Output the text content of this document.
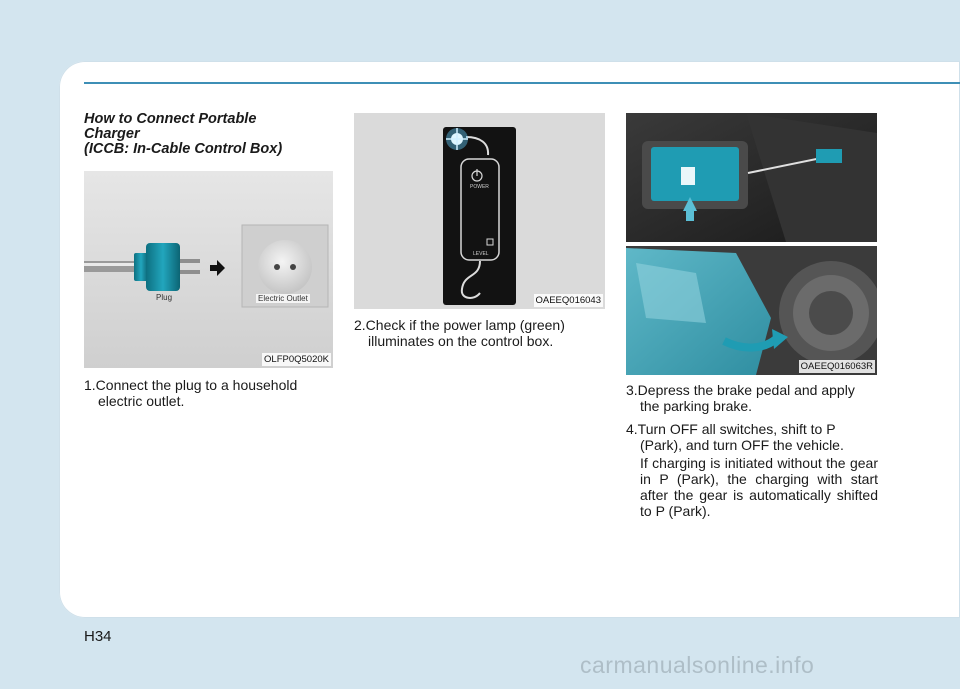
How to Connect Portable
Charger
(ICCB: In-Cable Control Box)
Plug	Electric Outlet
OLFP0Q5020K
POWER
LEVEL
OAEEQ016043
OAEEQ016063R
1.Connect the plug to a household
electric outlet.
2.Check if the power lamp (green)
illuminates on the control box.
3.Depress the brake pedal and apply
the parking brake.
4.Turn OFF all switches, shift to P
(Park), and turn OFF the vehicle.
If charging is initiated without the gear in P (Park), the charging with start after the gear is automatically shifted to P (Park).
H34
carmanualsonline.info
